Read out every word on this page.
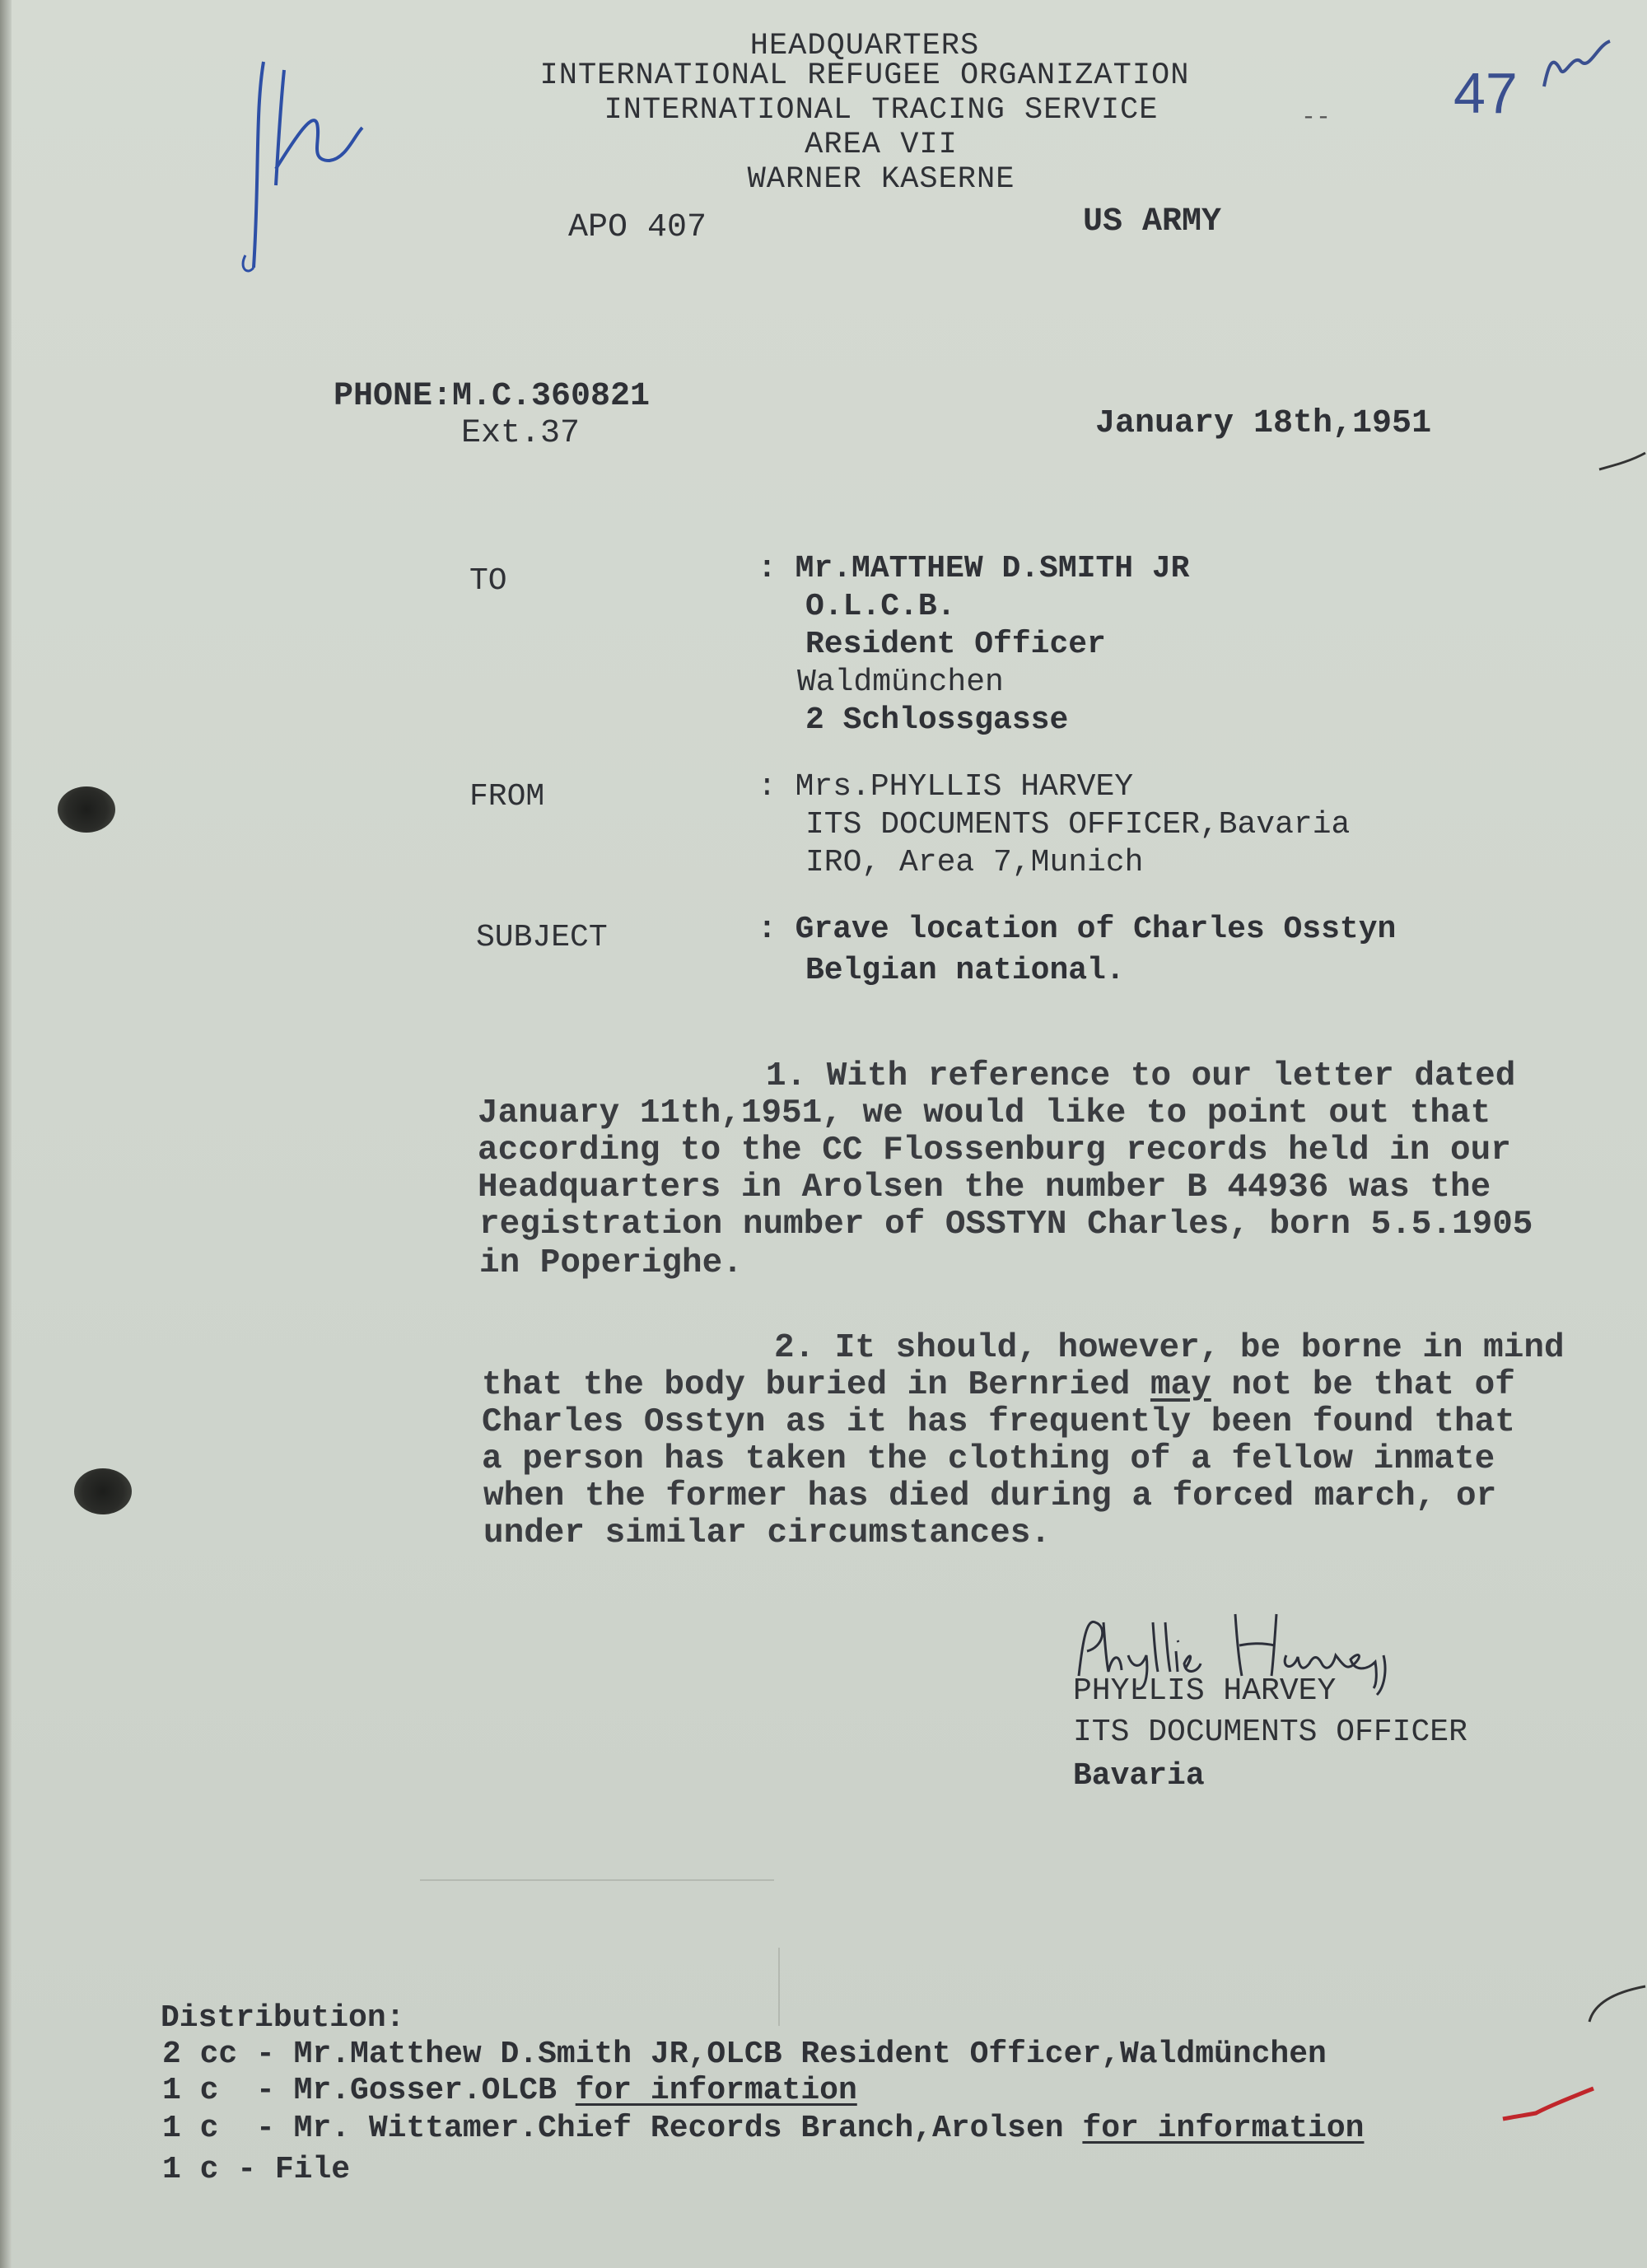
47
--
HEADQUARTERS
INTERNATIONAL REFUGEE ORGANIZATION
INTERNATIONAL TRACING SERVICE
AREA VII
WARNER KASERNE
APO 407	US ARMY
PHONE:M.C.360821
Ext.37	January 18th,1951
TO	: Mr.MATTHEW D.SMITH JR
O.L.C.B.
Resident Officer
Waldmünchen
2 Schlossgasse
FROM	: Mrs.PHYLLIS HARVEY
ITS DOCUMENTS OFFICER,Bavaria
IRO, Area 7,Munich
SUBJECT	: Grave location of Charles Osstyn
Belgian national.
1. With reference to our letter dated
January 11th,1951, we would like to point out that
according to the CC Flossenburg records held in our
Headquarters in Arolsen the number B 44936 was the
registration number of OSSTYN Charles, born 5.5.1905
in Poperighe.
2. It should, however, be borne in mind
that the body buried in Bernried may not be that of
Charles Osstyn as it has frequently been found that
a person has taken the clothing of a fellow inmate
when the former has died during a forced march, or
under similar circumstances.
PHYLLIS HARVEY
ITS DOCUMENTS OFFICER
Bavaria
Distribution:
2 cc - Mr.Matthew D.Smith JR,OLCB Resident Officer,Waldmünchen
1 c  - Mr.Gosser.OLCB for information
1 c  - Mr. Wittamer.Chief Records Branch,Arolsen for information
1 c - File
